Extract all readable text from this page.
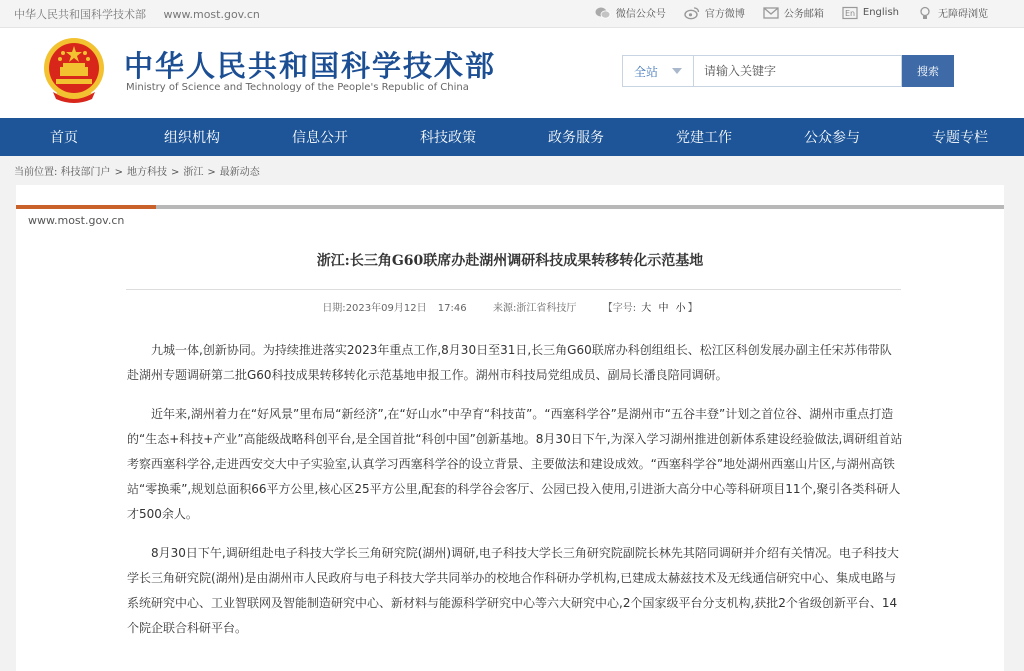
中华人民共和国科学技术部 www.most.gov.cn	微信公众号	官方微博	公务邮箱	En English	无障碍浏览
中华人民共和国科学技术部
Ministry of Science and Technology of the People's Republic of China
全站
请输入关键字	搜索
首页	组织机构	信息公开	科技政策	政务服务	党建工作	公众参与	专题专栏
当前位置: 科技部门户 > 地方科技 > 浙江 > 最新动态
www.most.gov.cn
浙江:长三角G60联席办赴湖州调研科技成果转移转化示范基地
日期:2023年09月12日 17:46	来源:浙江省科技厅	【字号: 大 中 小 】

九城一体,创新协同。为持续推进落实2023年重点工作,8月30日至31日,长三角G60联席办科创组组长、松江区科创发展办副主任宋苏伟带队赴湖州专题调研第二批G60科技成果转移转化示范基地申报工作。湖州市科技局党组成员、副局长潘良陪同调研。

近年来,湖州着力在“好风景”里布局“新经济”,在“好山水”中孕育“科技苗”。“西塞科学谷”是湖州市“五谷丰登”计划之首位谷、湖州市重点打造的“生态+科技+产业”高能级战略科创平台,是全国首批“科创中国”创新基地。8月30日下午,为深入学习湖州推进创新体系建设经验做法,调研组首站考察西塞科学谷,走进西安交大中子实验室,认真学习西塞科学谷的设立背景、主要做法和建设成效。“西塞科学谷”地处湖州西塞山片区,与湖州高铁站“零换乘”,规划总面积66平方公里,核心区25平方公里,配套的科学谷会客厅、公园已投入使用,引进浙大高分中心等科研项目11个,聚引各类科研人才500余人。

8月30日下午,调研组赴电子科技大学长三角研究院(湖州)调研,电子科技大学长三角研究院副院长林先其陪同调研并介绍有关情况。电子科技大学长三角研究院(湖州)是由湖州市人民政府与电子科技大学共同举办的校地合作科研办学机构,已建成太赫兹技术及无线通信研究中心、集成电路与系统研究中心、工业智联网及智能制造研究中心、新材料与能源科学研究中心等六大研究中心,2个国家级平台分支机构,获批2个省级创新平台、14个院企联合科研平台。
